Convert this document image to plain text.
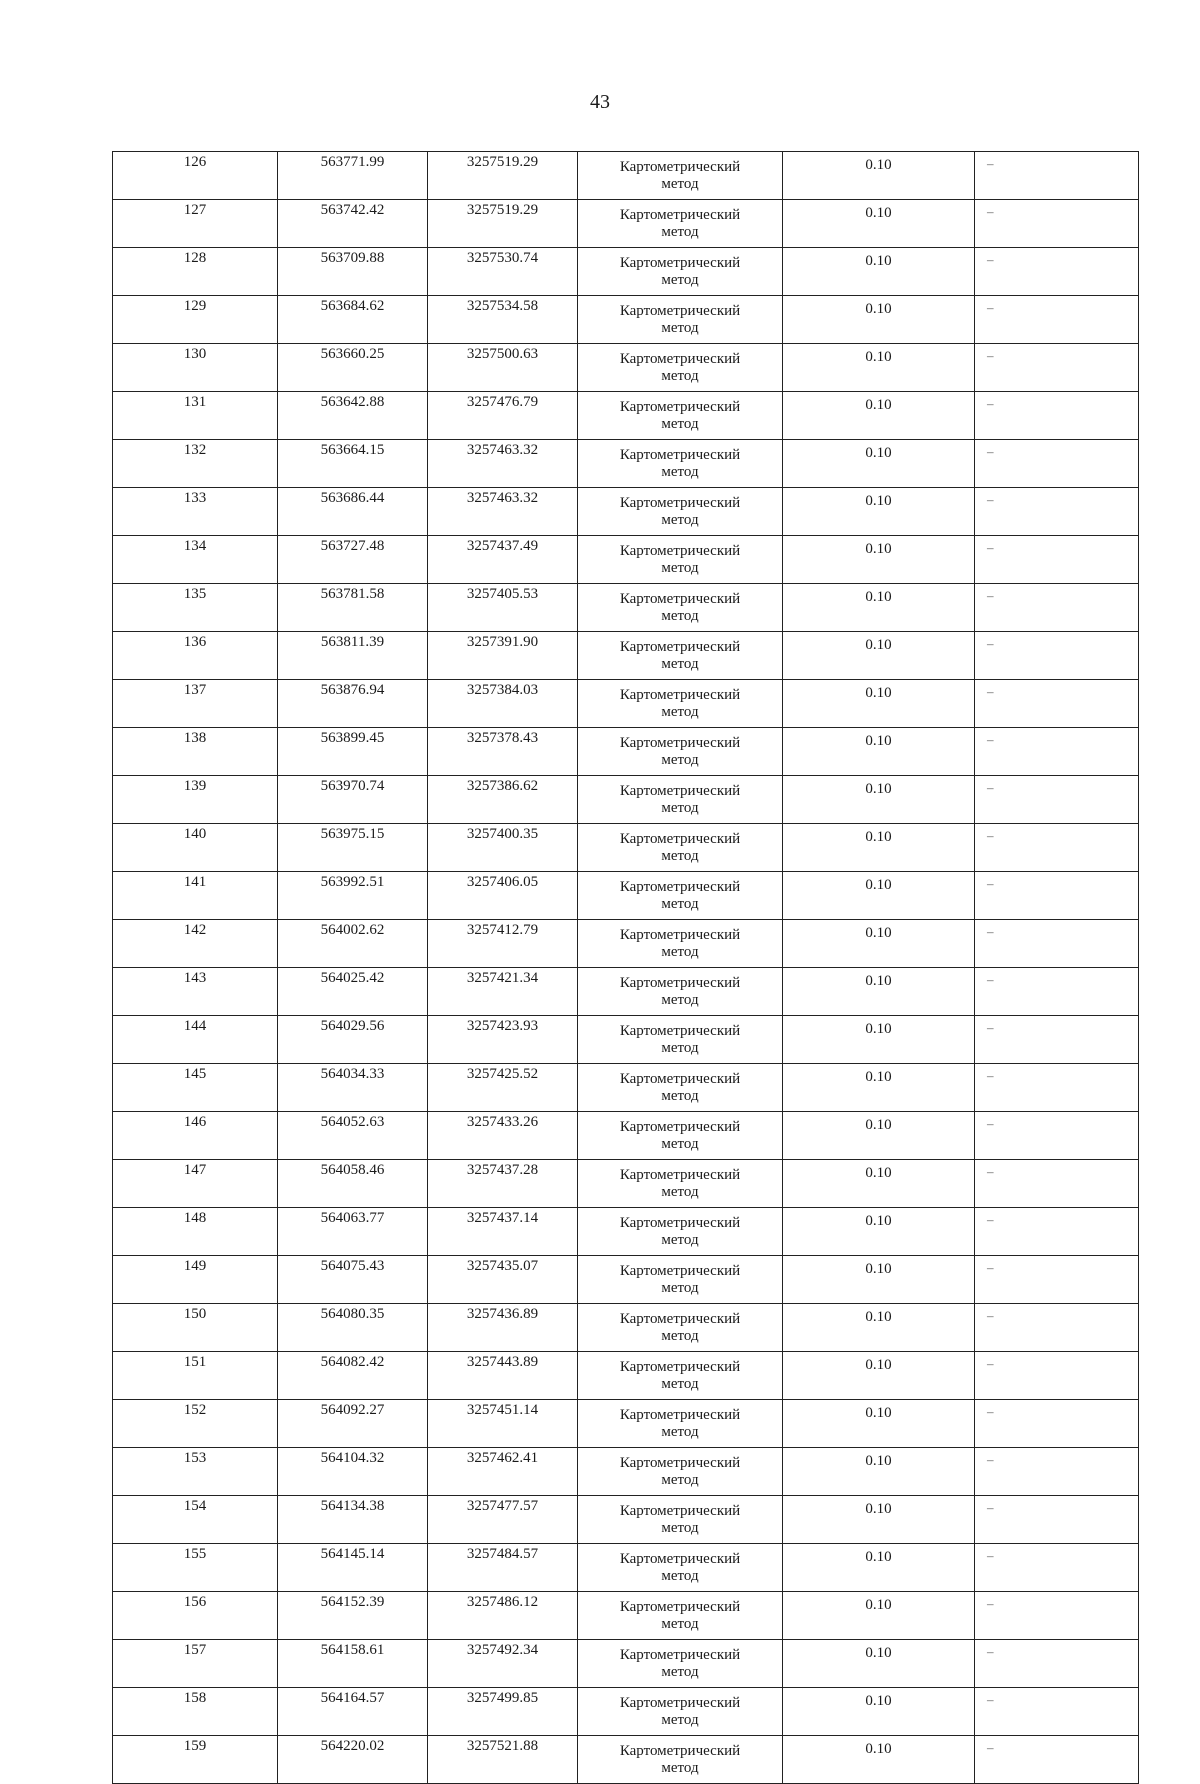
43
126	563771.99	3257519.29	Картометрический
метод	0.10	–
127	563742.42	3257519.29	Картометрический
метод	0.10	–
128	563709.88	3257530.74	Картометрический
метод	0.10	–
129	563684.62	3257534.58	Картометрический
метод	0.10	–
130	563660.25	3257500.63	Картометрический
метод	0.10	–
131	563642.88	3257476.79	Картометрический
метод	0.10	–
132	563664.15	3257463.32	Картометрический
метод	0.10	–
133	563686.44	3257463.32	Картометрический
метод	0.10	–
134	563727.48	3257437.49	Картометрический
метод	0.10	–
135	563781.58	3257405.53	Картометрический
метод	0.10	–
136	563811.39	3257391.90	Картометрический
метод	0.10	–
137	563876.94	3257384.03	Картометрический
метод	0.10	–
138	563899.45	3257378.43	Картометрический
метод	0.10	–
139	563970.74	3257386.62	Картометрический
метод	0.10	–
140	563975.15	3257400.35	Картометрический
метод	0.10	–
141	563992.51	3257406.05	Картометрический
метод	0.10	–
142	564002.62	3257412.79	Картометрический
метод	0.10	–
143	564025.42	3257421.34	Картометрический
метод	0.10	–
144	564029.56	3257423.93	Картометрический
метод	0.10	–
145	564034.33	3257425.52	Картометрический
метод	0.10	–
146	564052.63	3257433.26	Картометрический
метод	0.10	–
147	564058.46	3257437.28	Картометрический
метод	0.10	–
148	564063.77	3257437.14	Картометрический
метод	0.10	–
149	564075.43	3257435.07	Картометрический
метод	0.10	–
150	564080.35	3257436.89	Картометрический
метод	0.10	–
151	564082.42	3257443.89	Картометрический
метод	0.10	–
152	564092.27	3257451.14	Картометрический
метод	0.10	–
153	564104.32	3257462.41	Картометрический
метод	0.10	–
154	564134.38	3257477.57	Картометрический
метод	0.10	–
155	564145.14	3257484.57	Картометрический
метод	0.10	–
156	564152.39	3257486.12	Картометрический
метод	0.10	–
157	564158.61	3257492.34	Картометрический
метод	0.10	–
158	564164.57	3257499.85	Картометрический
метод	0.10	–
159	564220.02	3257521.88	Картометрический
метод	0.10	–
